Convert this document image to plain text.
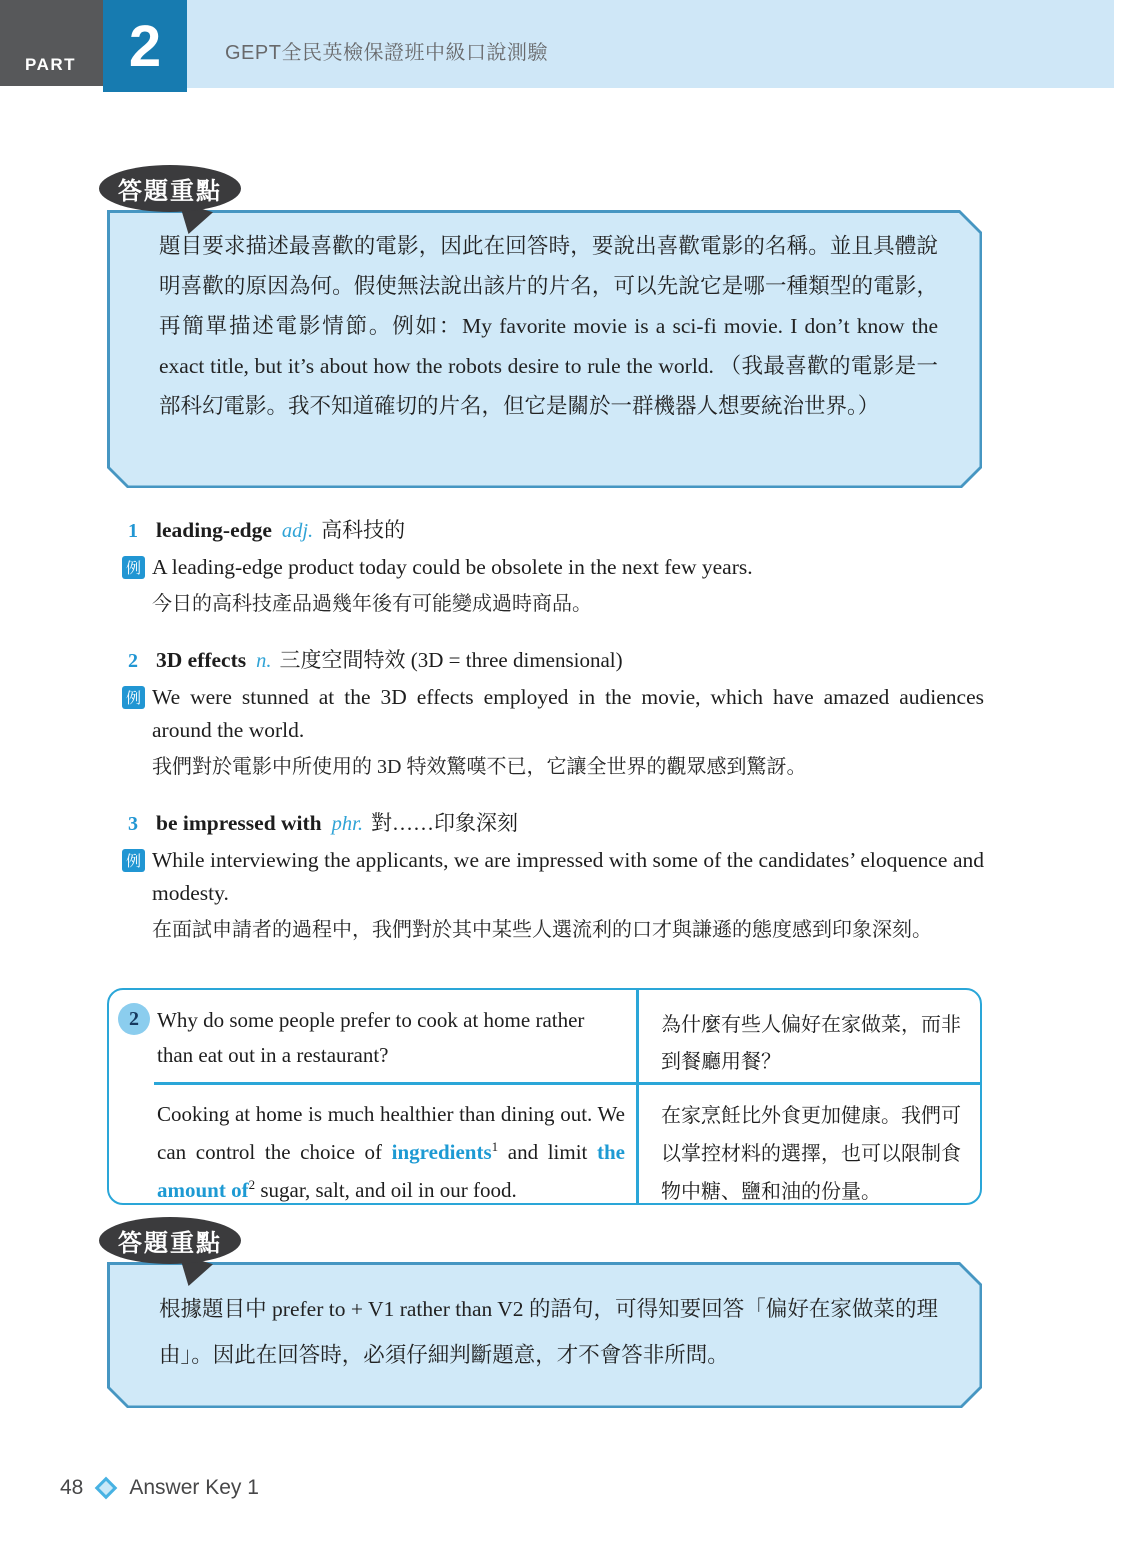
PART 2	GEPT全民英檢保證班中級口說測驗
答題重點
題目要求描述最喜歡的電影，因此在回答時，要說出喜歡電影的名稱。並且具體說明喜歡的原因為何。假使無法說出該片的片名，可以先說它是哪一種類型的電影，再簡單描述電影情節。例如：My favorite movie is a sci-fi movie. I don’t know the exact title, but it’s about how the robots desire to rule the world. （我最喜歡的電影是一部科幻電影。我不知道確切的片名，但它是關於一群機器人想要統治世界。）
1 leading-edge adj. 高科技的
例 A leading-edge product today could be obsolete in the next few years.
今日的高科技產品過幾年後有可能變成過時商品。
2 3D effects n. 三度空間特效 (3D = three dimensional)
例 We were stunned at the 3D effects employed in the movie, which have amazed audiences around the world.
我們對於電影中所使用的 3D 特效驚嘆不已，它讓全世界的觀眾感到驚訝。
3 be impressed with phr. 對……印象深刻
例 While interviewing the applicants, we are impressed with some of the candidates’ eloquence and modesty.
在面試申請者的過程中，我們對於其中某些人選流利的口才與謙遜的態度感到印象深刻。
2 Why do some people prefer to cook at home rather than eat out in a restaurant?
為什麼有些人偏好在家做菜，而非到餐廳用餐？
Cooking at home is much healthier than dining out. We can control the choice of ingredients$^1$ and limit the amount $of^2$ sugar, salt, and oil in our food.
在家烹飪比外食更加健康。我們可以掌控材料的選擇，也可以限制食物中糖、鹽和油的份量。
答題重點
根據題目中 prefer to + V1 rather than V2 的語句，可得知要回答「偏好在家做菜的理由」。因此在回答時，必須仔細判斷題意，才不會答非所問。
48 Answer Key 1
